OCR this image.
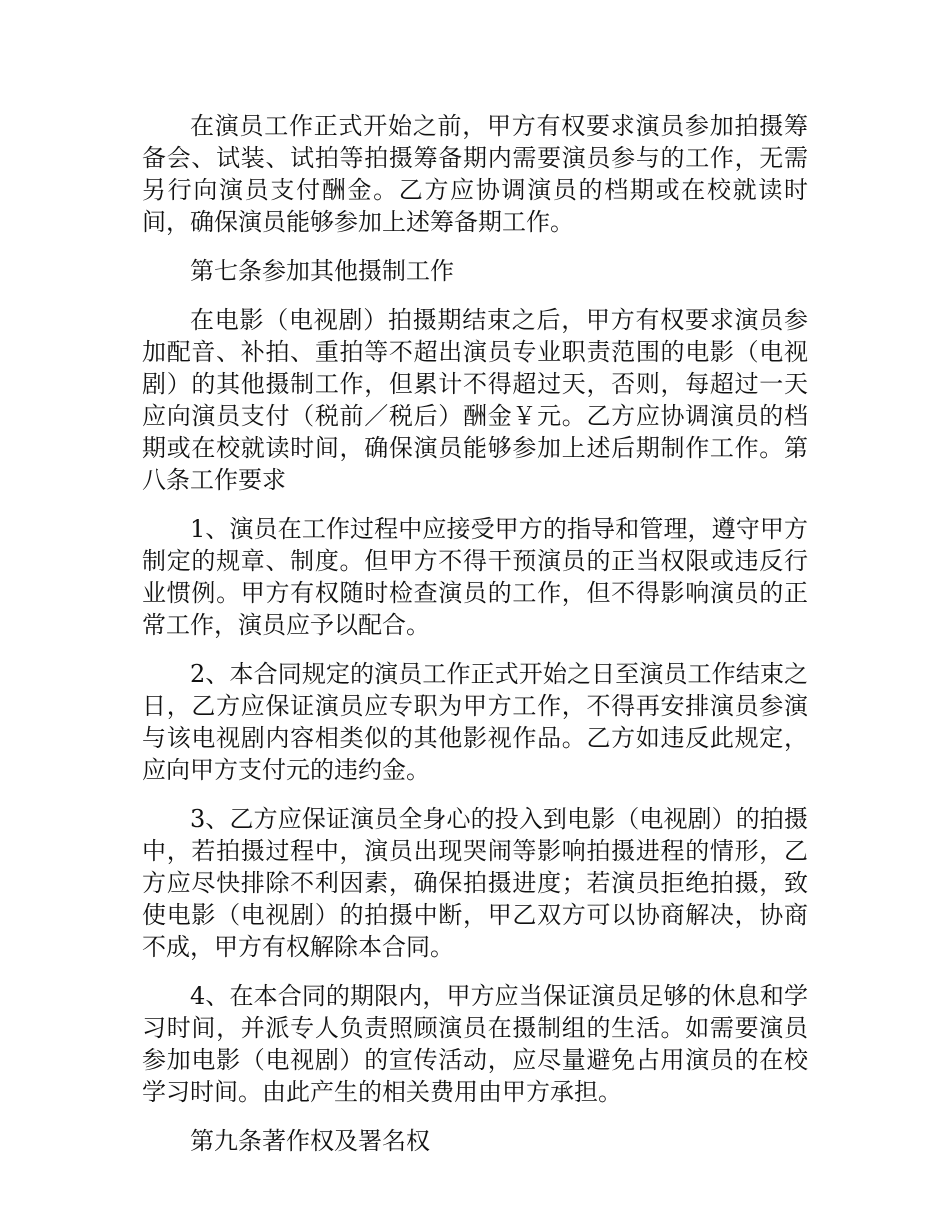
在演员工作正式开始之前，甲方有权要求演员参加拍摄筹备会、试装、试拍等拍摄筹备期内需要演员参与的工作，无需另行向演员支付酬金。乙方应协调演员的档期或在校就读时间，确保演员能够参加上述筹备期工作。

第七条参加其他摄制工作

在电影（电视剧）拍摄期结束之后，甲方有权要求演员参加配音、补拍、重拍等不超出演员专业职责范围的电影（电视剧）的其他摄制工作，但累计不得超过天，否则，每超过一天应向演员支付（税前／税后）酬金￥元。乙方应协调演员的档期或在校就读时间，确保演员能够参加上述后期制作工作。第八条工作要求

1、演员在工作过程中应接受甲方的指导和管理，遵守甲方制定的规章、制度。但甲方不得干预演员的正当权限或违反行业惯例。甲方有权随时检查演员的工作，但不得影响演员的正常工作，演员应予以配合。

2、本合同规定的演员工作正式开始之日至演员工作结束之日，乙方应保证演员应专职为甲方工作，不得再安排演员参演与该电视剧内容相类似的其他影视作品。乙方如违反此规定，应向甲方支付元的违约金。

3、乙方应保证演员全身心的投入到电影（电视剧）的拍摄中，若拍摄过程中，演员出现哭闹等影响拍摄进程的情形，乙方应尽快排除不利因素，确保拍摄进度；若演员拒绝拍摄，致使电影（电视剧）的拍摄中断，甲乙双方可以协商解决，协商不成，甲方有权解除本合同。

4、在本合同的期限内，甲方应当保证演员足够的休息和学习时间，并派专人负责照顾演员在摄制组的生活。如需要演员参加电影（电视剧）的宣传活动，应尽量避免占用演员的在校学习时间。由此产生的相关费用由甲方承担。

第九条著作权及署名权
